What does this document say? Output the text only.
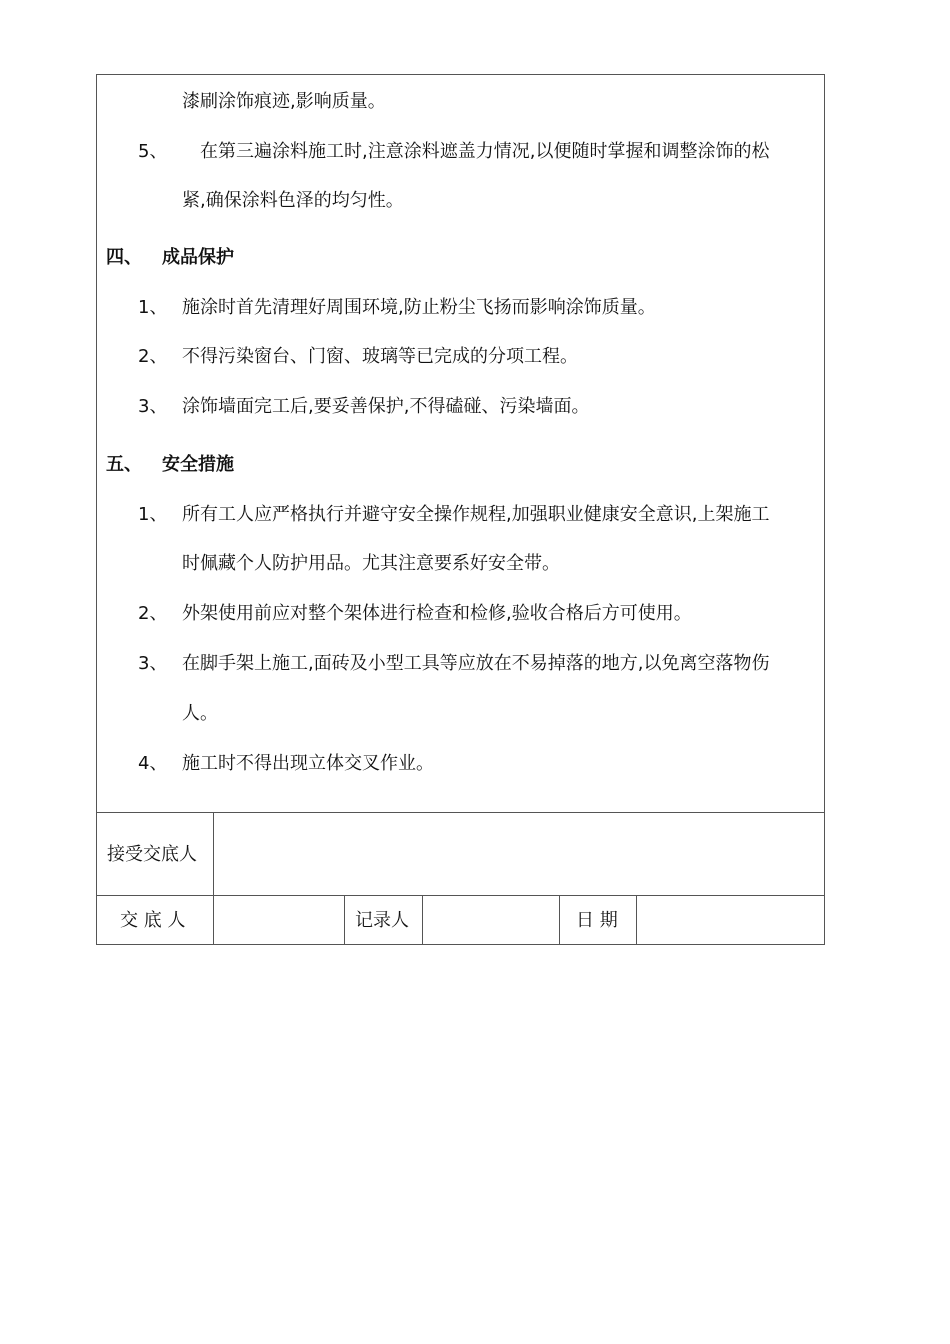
漆刷涂饰痕迹,影响质量。
5、 在第三遍涂料施工时,注意涂料遮盖力情况,以便随时掌握和调整涂饰的松
紧,确保涂料色泽的均匀性。
四、 成品保护
1、 施涂时首先清理好周围环境,防止粉尘飞扬而影响涂饰质量。
2、 不得污染窗台、门窗、玻璃等已完成的分项工程。
3、 涂饰墙面完工后,要妥善保护,不得磕碰、污染墙面。
五、 安全措施
1、 所有工人应严格执行并避守安全操作规程,加强职业健康安全意识,上架施工
时佩藏个人防护用品。尤其注意要系好安全带。
2、 外架使用前应对整个架体进行检查和检修,验收合格后方可使用。
3、 在脚手架上施工,面砖及小型工具等应放在不易掉落的地方,以免离空落物伤
人。
4、 施工时不得出现立体交叉作业。
接受交底人
交 底 人	记录人	日 期
